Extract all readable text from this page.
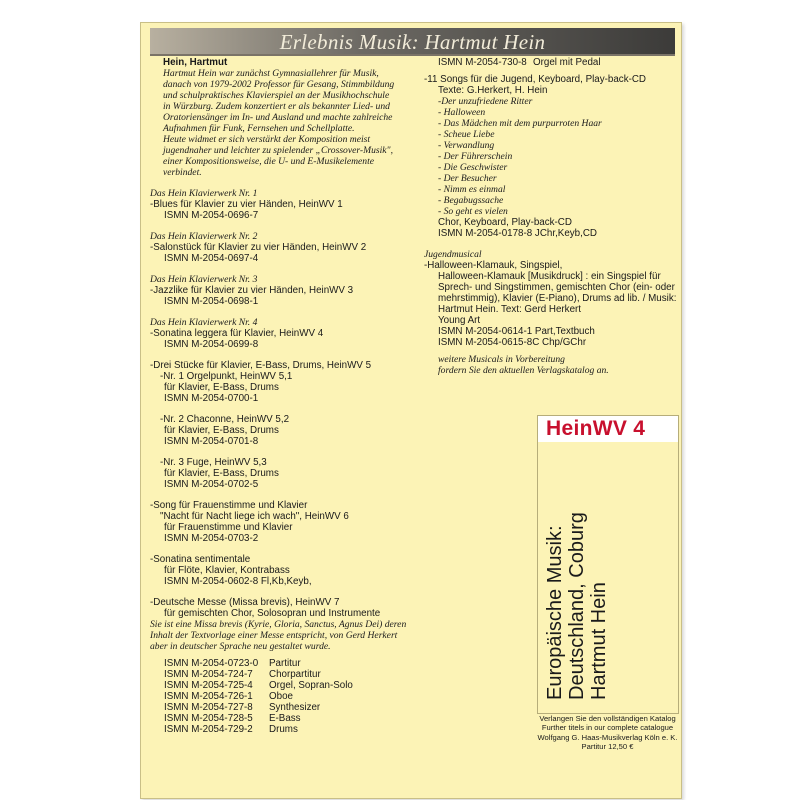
Erlebnis Musik: Hartmut Hein
Hein, Hartmut
Hartmut Hein war zunächst Gymnasiallehrer für Musik,
danach von 1979-2002 Professor für Gesang, Stimmbildung
und schulpraktisches Klavierspiel an der Musikhochschule
in Würzburg. Zudem konzertiert er als bekannter Lied- und
Oratoriensänger im In- und Ausland und machte zahlreiche
Aufnahmen für Funk, Fernsehen und Schellplatte.
Heute widmet er sich verstärkt der Komposition meist
jugendnaher und leichter zu spielender „Crossover-Musik",
einer Kompositionsweise, die U- und E-Musikelemente
verbindet.
Das Hein Klavierwerk Nr. 1
-Blues für Klavier zu vier Händen, HeinWV 1
ISMN M-2054-0696-7
Das Hein Klavierwerk Nr. 2
-Salonstück für Klavier zu vier Händen, HeinWV 2
ISMN M-2054-0697-4
Das Hein Klavierwerk Nr. 3
-Jazzlike für Klavier zu vier Händen, HeinWV 3
ISMN M-2054-0698-1
Das Hein Klavierwerk Nr. 4
-Sonatina leggera für Klavier, HeinWV 4
ISMN M-2054-0699-8
-Drei Stücke für Klavier, E-Bass, Drums, HeinWV 5
-Nr. 1 Orgelpunkt, HeinWV 5,1
für Klavier, E-Bass, Drums
ISMN M-2054-0700-1
-Nr. 2 Chaconne, HeinWV 5,2
für Klavier, E-Bass, Drums
ISMN M-2054-0701-8
-Nr. 3 Fuge, HeinWV 5,3
für Klavier, E-Bass, Drums
ISMN M-2054-0702-5
-Song für Frauenstimme und Klavier
"Nacht für Nacht liege ich wach", HeinWV 6
für Frauenstimme und Klavier
ISMN M-2054-0703-2
-Sonatina sentimentale
für Flöte, Klavier, Kontrabass
ISMN M-2054-0602-8 Fl,Kb,Keyb,
-Deutsche Messe (Missa brevis), HeinWV 7
für gemischten Chor, Solosopran und Instrumente
Sie ist eine Missa brevis (Kyrie, Gloria, Sanctus, Agnus Dei) deren
Inhalt der Textvorlage einer Messe entspricht, von Gerd Herkert
aber in deutscher Sprache neu gestaltet wurde.
ISMN M-2054-0723-0 Partitur
ISMN M-2054-724-7 Chorpartitur
ISMN M-2054-725-4 Orgel, Sopran-Solo
ISMN M-2054-726-1 Oboe
ISMN M-2054-727-8 Synthesizer
ISMN M-2054-728-5 E-Bass
ISMN M-2054-729-2 Drums
ISMN M-2054-730-8 Orgel mit Pedal
-11 Songs für die Jugend, Keyboard, Play-back-CD
Texte: G.Herkert, H. Hein
-Der unzufriedene Ritter
- Halloween
- Das Mädchen mit dem purpurroten Haar
- Scheue Liebe
- Verwandlung
- Der Führerschein
- Die Geschwister
- Der Besucher
- Nimm es einmal
- Begabugssache
- So geht es vielen
Chor, Keyboard, Play-back-CD
ISMN M-2054-0178-8 JChr,Keyb,CD
Jugendmusical
-Halloween-Klamauk, Singspiel,
Halloween-Klamauk [Musikdruck] : ein Singspiel für
Sprech- und Singstimmen, gemischten Chor (ein- oder
mehrstimmig), Klavier (E-Piano), Drums ad lib. / Musik:
Hartmut Hein. Text: Gerd Herkert
Young Art
ISMN M-2054-0614-1 Part,Textbuch
ISMN M-2054-0615-8C Chp/GChr
weitere Musicals in Vorbereitung
fordern Sie den aktuellen Verlagskatalog an.
HeinWV 4
Europäische Musik: Deutschland, Coburg Hartmut Hein
Verlangen Sie den vollständigen Katalog
Further titels in our complete catalogue
Wolfgang G. Haas-Musikverlag Köln e. K.
Partitur 12,50 €
